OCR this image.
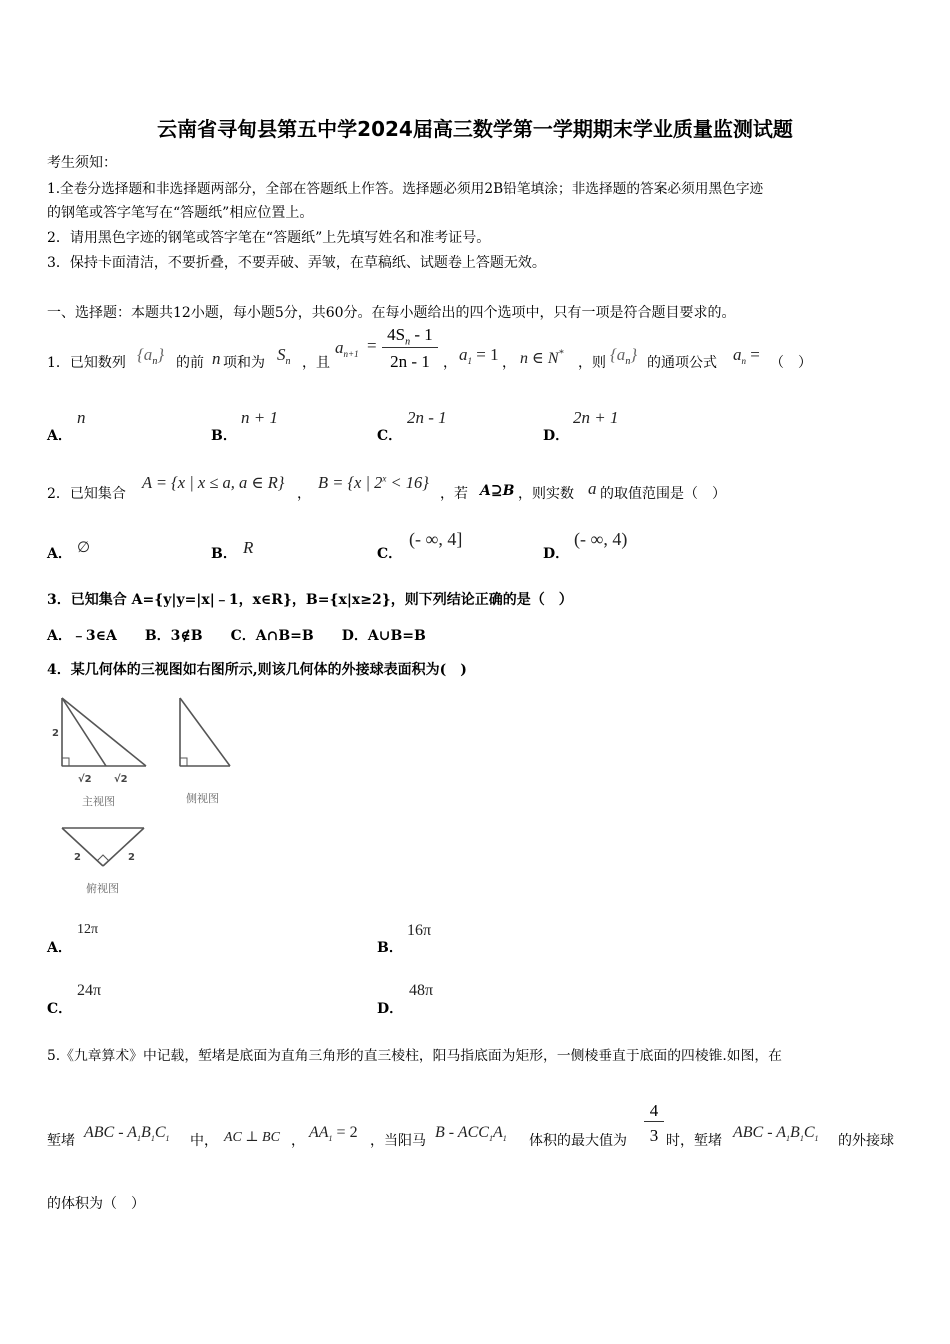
云南省寻甸县第五中学2024届高三数学第一学期期末学业质量监测试题
考生须知：
1.全卷分选择题和非选择题两部分，全部在答题纸上作答。选择题必须用2B铅笔填涂；非选择题的答案必须用黑色字迹
的钢笔或答字笔写在“答题纸”相应位置上。
2．请用黑色字迹的钢笔或答字笔在“答题纸”上先填写姓名和准考证号。
3．保持卡面清洁，不要折叠，不要弄破、弄皱，在草稿纸、试题卷上答题无效。
一、选择题：本题共12小题，每小题5分，共60分。在每小题给出的四个选项中，只有一项是符合题目要求的。
1．已知数列 $\{a_n\}$ 的前 n 项和为 $S_n$ ，且
$a_{n+1}$ =
$4S_n - 1$
2n - 1 ， $a_1 = 1$ ， n ∈ N*
，则 $\{a_n\}$ 的通项公式 $a_n$ = （　）
A．
n
B．
n + 1
C．
2n - 1
D．
2n + 1
2．已知集合
A = {x | x ≤ a, a ∈ R}
，
B = {x | $2^x < 16$}
，若 A⊇B ，则实数 a 的取值范围是（　）
A． ∅	B． R	C．
(- ∞, 4]
D．
(- ∞, 4)
3．已知集合 A={y|y=|x|﹣1，x∈R}，B={x|x≥2}，则下列结论正确的是（　）
A．﹣3∈A　　B．3∉B　　C．A∩B=B　　D．A∪B=B
4．某几何体的三视图如右图所示,则该几何体的外接球表面积为(　)
2
√2 √2
主视图	侧视图
2	2
俯视图
A．
12π
B．
16π
C．
24π
D．
48π
5.《九章算术》中记载，堑堵是底面为直角三角形的直三棱柱，阳马指底面为矩形，一侧棱垂直于底面的四棱锥.如图，在
堑堵 ABC - $A_1B_1C_1$ 中， AC ⊥ BC ， $AA_1 = 2$ ，当阳马 B - $ACC_1A_1$ 体积的最大值为
4
3 时，堑堵 ABC - $A_1B_1C_1$ 的外接球
的体积为（　）
